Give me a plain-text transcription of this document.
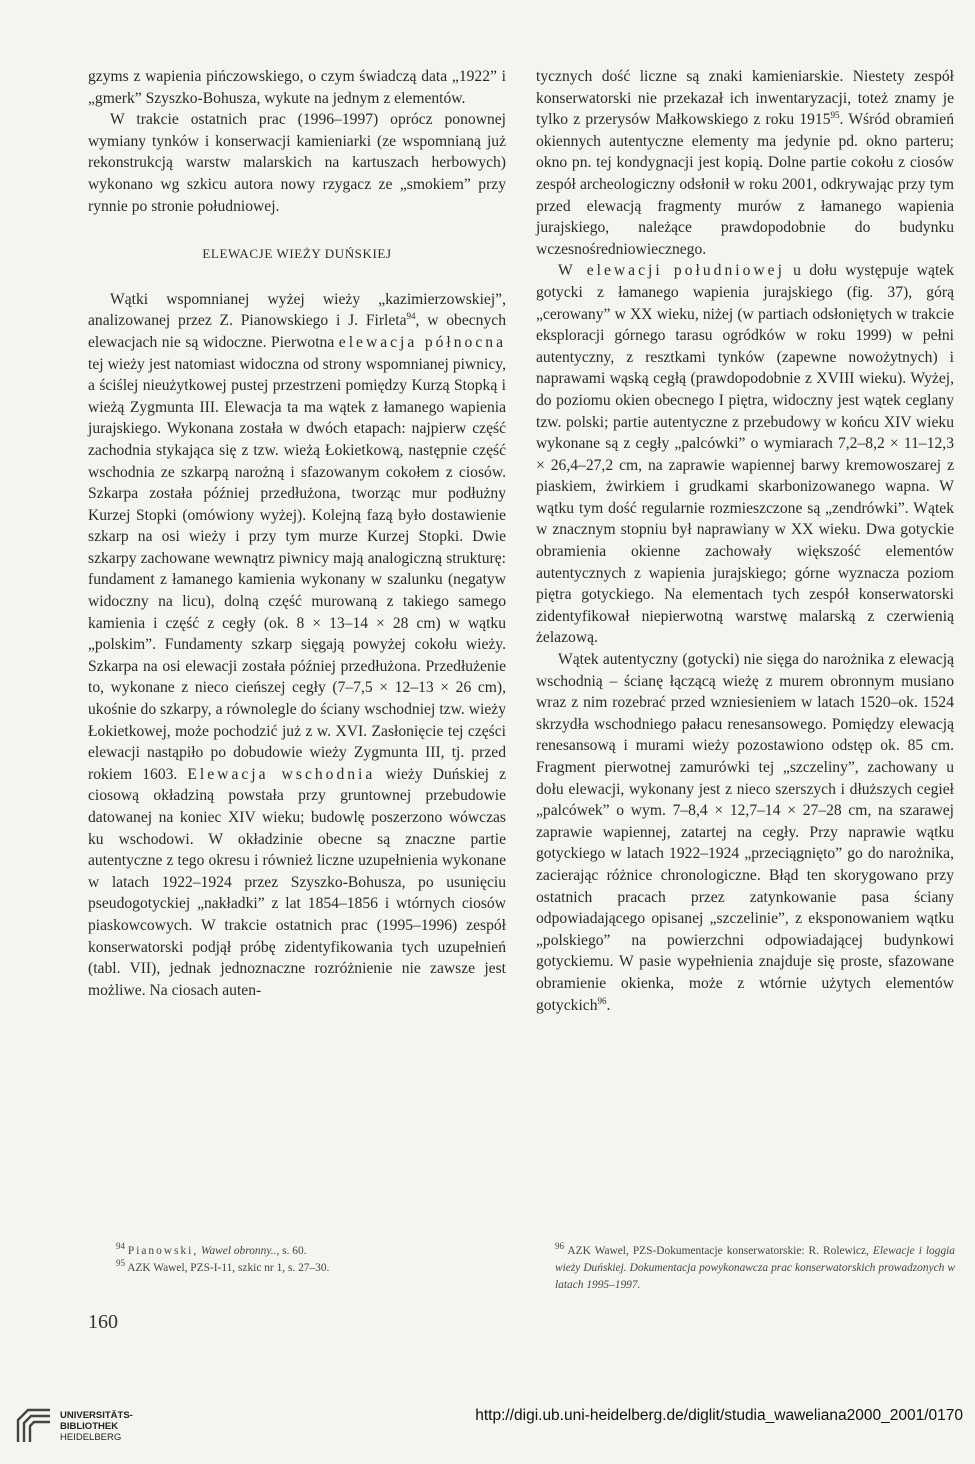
gzyms z wapienia pińczowskiego, o czym świadczą data „1922” i „gmerk” Szyszko-Bohusza, wykute na jednym z elementów.

W trakcie ostatnich prac (1996–1997) oprócz ponownej wymiany tynków i konserwacji kamieniarki (ze wspomnianą już rekonstrukcją warstw malarskich na kartuszach herbowych) wykonano wg szkicu autora nowy rzygacz ze „smokiem” przy rynnie po stronie południowej.

ELEWACJE WIEŻY DUŃSKIEJ

Wątki wspomnianej wyżej wieży „kazimierzowskiej”, analizowanej przez Z. Pianowskiego i J. Firleta$^{94}$, w obecnych elewacjach nie są widoczne. Pierwotna elewacja północna tej wieży jest natomiast widoczna od strony wspomnianej piwnicy, a ściślej nieużytkowej pustej przestrzeni pomiędzy Kurzą Stopką i wieżą Zygmunta III. Elewacja ta ma wątek z łamanego wapienia jurajskiego. Wykonana została w dwóch etapach: najpierw część zachodnia stykająca się z tzw. wieżą Łokietkową, następnie część wschodnia ze szkarpą narożną i sfazowanym cokołem z ciosów. Szkarpa została później przedłużona, tworząc mur podłużny Kurzej Stopki (omówiony wyżej). Kolejną fazą było dostawienie szkarp na osi wieży i przy tym murze Kurzej Stopki. Dwie szkarpy zachowane wewnątrz piwnicy mają analogiczną strukturę: fundament z łamanego kamienia wykonany w szalunku (negatyw widoczny na licu), dolną część murowaną z takiego samego kamienia i część z cegły (ok. 8 × 13–14 × 28 cm) w wątku „polskim”. Fundamenty szkarp sięgają powyżej cokołu wieży. Szkarpa na osi elewacji została później przedłużona. Przedłużenie to, wykonane z nieco cieńszej cegły (7–7,5 × 12–13 × 26 cm), ukośnie do szkarpy, a równolegle do ściany wschodniej tzw. wieży Łokietkowej, może pochodzić już z w. XVI. Zasłonięcie tej części elewacji nastąpiło po dobudowie wieży Zygmunta III, tj. przed rokiem 1603. Elewacja wschodnia wieży Duńskiej z ciosową okładziną powstała przy gruntownej przebudowie datowanej na koniec XIV wieku; budowlę poszerzono wówczas ku wschodowi. W okładzinie obecne są znaczne partie autentyczne z tego okresu i również liczne uzupełnienia wykonane w latach 1922–1924 przez Szyszko-Bohusza, po usunięciu pseudogotyckiej „nakładki” z lat 1854–1856 i wtórnych ciosów piaskowcowych. W trakcie ostatnich prac (1995–1996) zespół konserwatorski podjął próbę zidentyfikowania tych uzupełnień (tabl. VII), jednak jednoznaczne rozróżnienie nie zawsze jest możliwe. Na ciosach auten-

tycznych dość liczne są znaki kamieniarskie. Niestety zespół konserwatorski nie przekazał ich inwentaryzacji, toteż znamy je tylko z przerysów Małkowskiego z roku 1915$^{95}$. Wśród obramień okiennych autentyczne elementy ma jedynie pd. okno parteru; okno pn. tej kondygnacji jest kopią. Dolne partie cokołu z ciosów zespół archeologiczny odsłonił w roku 2001, odkrywając przy tym przed elewacją fragmenty murów z łamanego wapienia jurajskiego, należące prawdopodobnie do budynku wczesnośredniowiecznego.

W elewacji południowej u dołu występuje wątek gotycki z łamanego wapienia jurajskiego (fig. 37), górą „cerowany” w XX wieku, niżej (w partiach odsłoniętych w trakcie eksploracji górnego tarasu ogródków w roku 1999) w pełni autentyczny, z resztkami tynków (zapewne nowożytnych) i naprawami wąską cegłą (prawdopodobnie z XVIII wieku). Wyżej, do poziomu okien obecnego I piętra, widoczny jest wątek ceglany tzw. polski; partie autentyczne z przebudowy w końcu XIV wieku wykonane są z cegły „palcówki” o wymiarach 7,2–8,2 × 11–12,3 × 26,4–27,2 cm, na zaprawie wapiennej barwy kremowoszarej z piaskiem, żwirkiem i grudkami skarbonizowanego wapna. W wątku tym dość regularnie rozmieszczone są „zendrówki”. Wątek w znacznym stopniu był naprawiany w XX wieku. Dwa gotyckie obramienia okienne zachowały większość elementów autentycznych z wapienia jurajskiego; górne wyznacza poziom piętra gotyckiego. Na elementach tych zespół konserwatorski zidentyfikował niepierwotną warstwę malarską z czerwienią żelazową.

Wątek autentyczny (gotycki) nie sięga do narożnika z elewacją wschodnią – ścianę łączącą wieżę z murem obronnym musiano wraz z nim rozebrać przed wzniesieniem w latach 1520–ok. 1524 skrzydła wschodniego pałacu renesansowego. Pomiędzy elewacją renesansową i murami wieży pozostawiono odstęp ok. 85 cm. Fragment pierwotnej zamurówki tej „szczeliny”, zachowany u dołu elewacji, wykonany jest z nieco szerszych i dłuższych cegieł „palcówek” o wym. 7–8,4 × 12,7–14 × 27–28 cm, na szarawej zaprawie wapiennej, zatartej na cegły. Przy naprawie wątku gotyckiego w latach 1922–1924 „przeciągnięto” go do narożnika, zacierając różnice chronologiczne. Błąd ten skorygowano przy ostatnich pracach przez zatynkowanie pasa ściany odpowiadającego opisanej „szczelinie”, z eksponowaniem wątku „polskiego” na powierzchni odpowiadającej budynkowi gotyckiemu. W pasie wypełnienia znajduje się proste, sfazowane obramienie okienka, może z wtórnie użytych elementów gotyckich$^{96}$.

$^{94}$ Pianowski, Wawel obronny.., s. 60.
$^{95}$ AZK Wawel, PZS-I-11, szkic nr 1, s. 27–30.
$^{96}$ AZK Wawel, PZS-Dokumentacje konserwatorskie: R. Rolewicz, Elewacje i loggia wieży Duńskiej. Dokumentacja powykonawcza prac konserwatorskich prowadzonych w latach 1995–1997.
160
UNIVERSITÄTS-
BIBLIOTHEK
HEIDELBERG
http://digi.ub.uni-heidelberg.de/diglit/studia_waweliana2000_2001/0170
